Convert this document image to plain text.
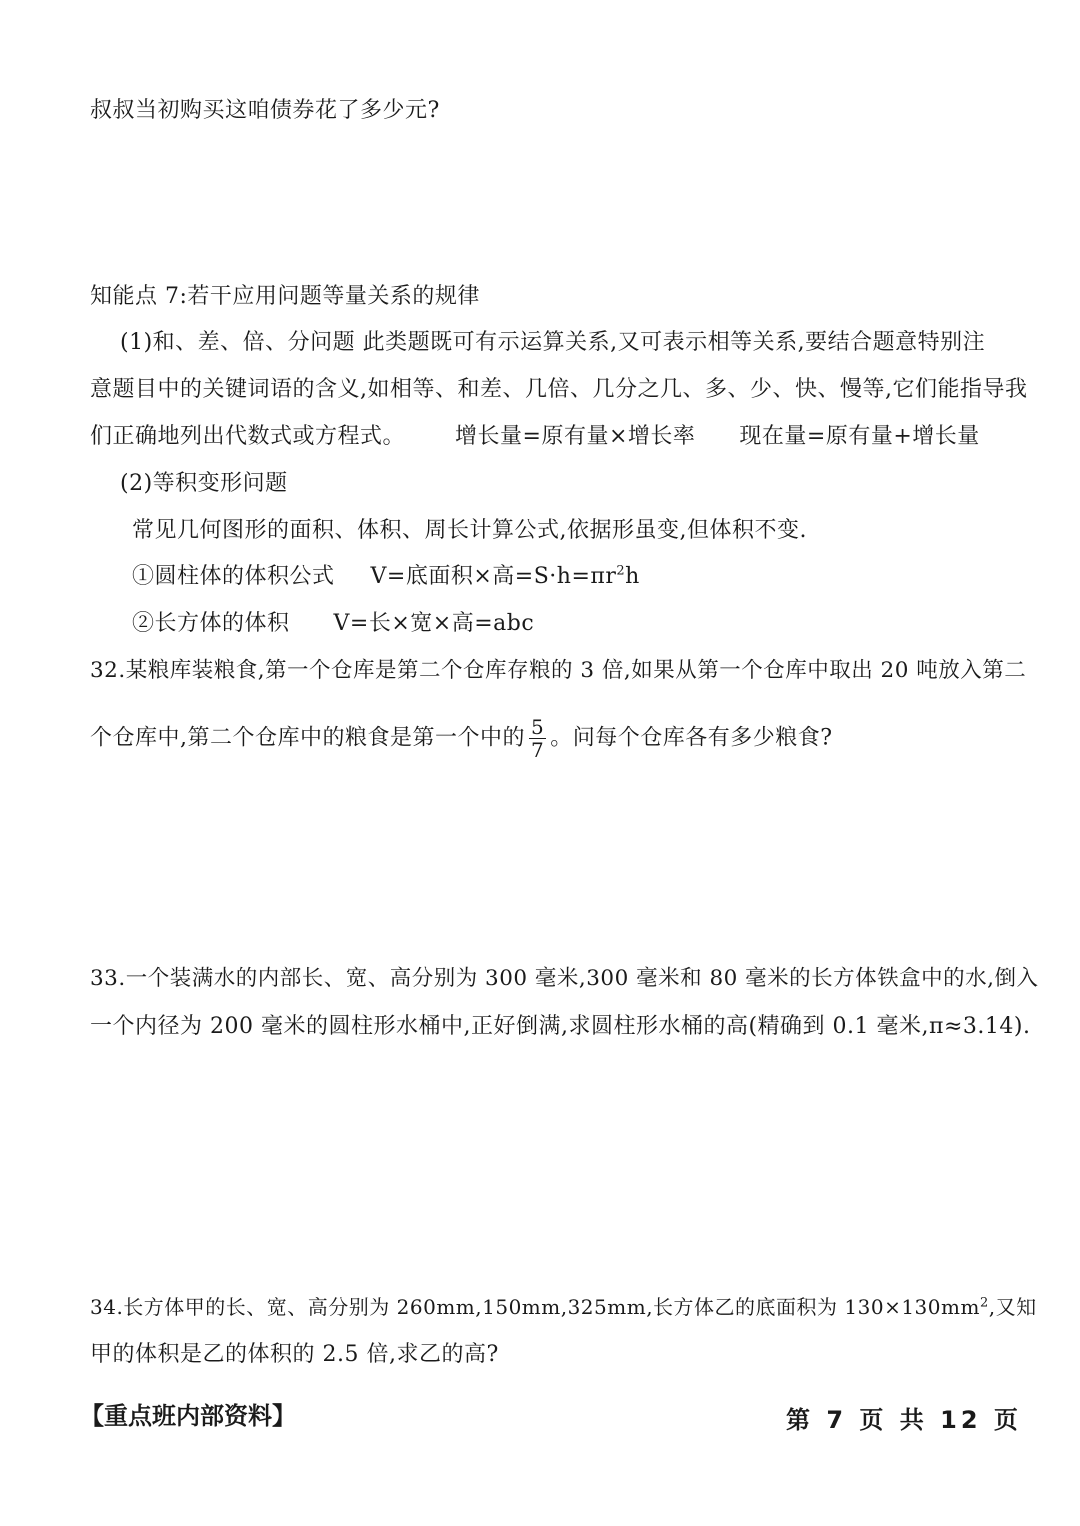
叔叔当初购买这咱债券花了多少元?
知能点 7:若干应用问题等量关系的规律
(1)和、差、倍、分问题 此类题既可有示运算关系,又可表示相等关系,要结合题意特别注
意题目中的关键词语的含义,如相等、和差、几倍、几分之几、多、少、快、慢等,它们能指导我
们正确地列出代数式或方程式。 增长量=原有量×增长率 现在量=原有量+增长量
(2)等积变形问题
常见几何图形的面积、体积、周长计算公式,依据形虽变,但体积不变.
①圆柱体的体积公式 V=底面积×高$=S\cdot h=\pi r^2h$
②长方体的体积 V=长×宽×高=abc
32.某粮库装粮食,第一个仓库是第二个仓库存粮的 3 倍,如果从第一个仓库中取出 20 吨放入第二
个仓库中,第二个仓库中的粮食是第一个中的 $\frac{5}{7}$ 。问每个仓库各有多少粮食?
33.一个装满水的内部长、宽、高分别为 300 毫米,300 毫米和 80 毫米的长方体铁盒中的水,倒入
一个内径为 200 毫米的圆柱形水桶中,正好倒满,求圆柱形水桶的高(精确到 0.1 毫米,π≈3.14).
34.长方体甲的长、宽、高分别为 260mm,150mm,325mm,长方体乙的底面积为 $130\times 130mm^2$,又知
甲的体积是乙的体积的 2.5 倍,求乙的高?
【重点班内部资料】	第 7 页 共 12 页
